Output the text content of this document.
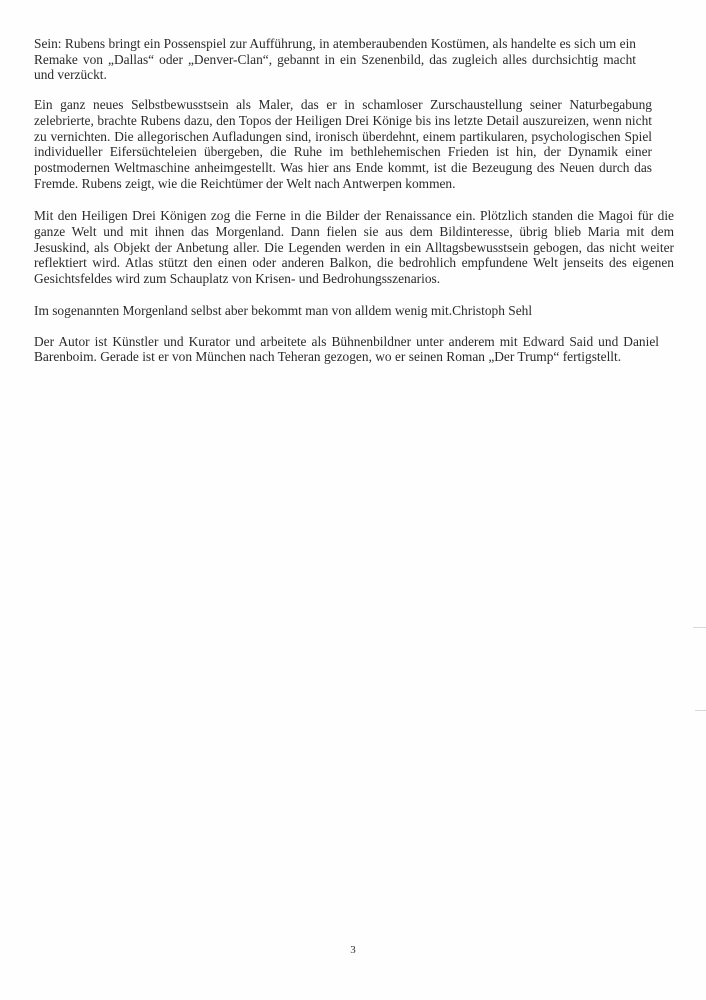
Sein: Rubens bringt ein Possenspiel zur Aufführung, in atemberaubenden Kostümen, als handelte es sich um ein Remake von „Dallas“ oder „Denver-Clan“, gebannt in ein Szenenbild, das zugleich alles durchsichtig macht und verzückt.

Ein ganz neues Selbstbewusstsein als Maler, das er in schamloser Zurschaustellung seiner Naturbegabung zelebrierte, brachte Rubens dazu, den Topos der Heiligen Drei Könige bis ins letzte Detail auszureizen, wenn nicht zu vernichten. Die allegorischen Aufladungen sind, ironisch überdehnt, einem partikularen, psychologischen Spiel individueller Eifersüchteleien übergeben, die Ruhe im bethlehemischen Frieden ist hin, der Dynamik einer postmodernen Weltmaschine anheimgestellt. Was hier ans Ende kommt, ist die Bezeugung des Neuen durch das Fremde. Rubens zeigt, wie die Reichtümer der Welt nach Antwerpen kommen.

Mit den Heiligen Drei Königen zog die Ferne in die Bilder der Renaissance ein. Plötzlich standen die Magoi für die ganze Welt und mit ihnen das Morgenland. Dann fielen sie aus dem Bildinteresse, übrig blieb Maria mit dem Jesuskind, als Objekt der Anbetung aller. Die Legenden werden in ein Alltagsbewusstsein gebogen, das nicht weiter reflektiert wird. Atlas stützt den einen oder anderen Balkon, die bedrohlich empfundene Welt jenseits des eigenen Gesichtsfeldes wird zum Schauplatz von Krisen- und Bedrohungsszenarios.

Im sogenannten Morgenland selbst aber bekommt man von alldem wenig mit.Christoph Sehl

Der Autor ist Künstler und Kurator und arbeitete als Bühnenbildner unter anderem mit Edward Said und Daniel Barenboim. Gerade ist er von München nach Teheran gezogen, wo er seinen Roman „Der Trump“ fertigstellt.

3
